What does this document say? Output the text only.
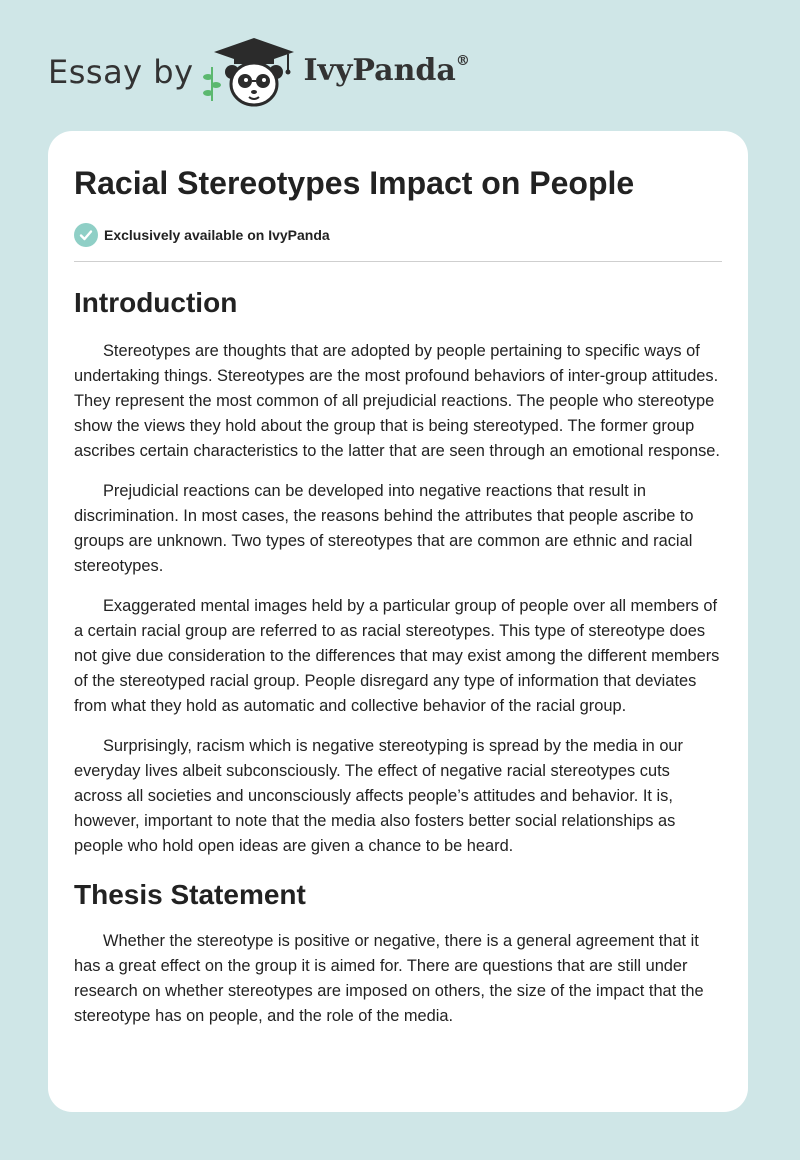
Essay by	IvyPanda®
Racial Stereotypes Impact on People
Exclusively available on IvyPanda
Introduction

Stereotypes are thoughts that are adopted by people pertaining to specific ways of undertaking things. Stereotypes are the most profound behaviors of inter-group attitudes. They represent the most common of all prejudicial reactions. The people who stereotype show the views they hold about the group that is being stereotyped. The former group ascribes certain characteristics to the latter that are seen through an emotional response.

Prejudicial reactions can be developed into negative reactions that result in discrimination. In most cases, the reasons behind the attributes that people ascribe to groups are unknown. Two types of stereotypes that are common are ethnic and racial stereotypes.

Exaggerated mental images held by a particular group of people over all members of a certain racial group are referred to as racial stereotypes. This type of stereotype does not give due consideration to the differences that may exist among the different members of the stereotyped racial group. People disregard any type of information that deviates from what they hold as automatic and collective behavior of the racial group.

Surprisingly, racism which is negative stereotyping is spread by the media in our everyday lives albeit subconsciously. The effect of negative racial stereotypes cuts across all societies and unconsciously affects people’s attitudes and behavior. It is, however, important to note that the media also fosters better social relationships as people who hold open ideas are given a chance to be heard.

Thesis Statement

Whether the stereotype is positive or negative, there is a general agreement that it has a great effect on the group it is aimed for. There are questions that are still under research on whether stereotypes are imposed on others, the size of the impact that the stereotype has on people, and the role of the media.
